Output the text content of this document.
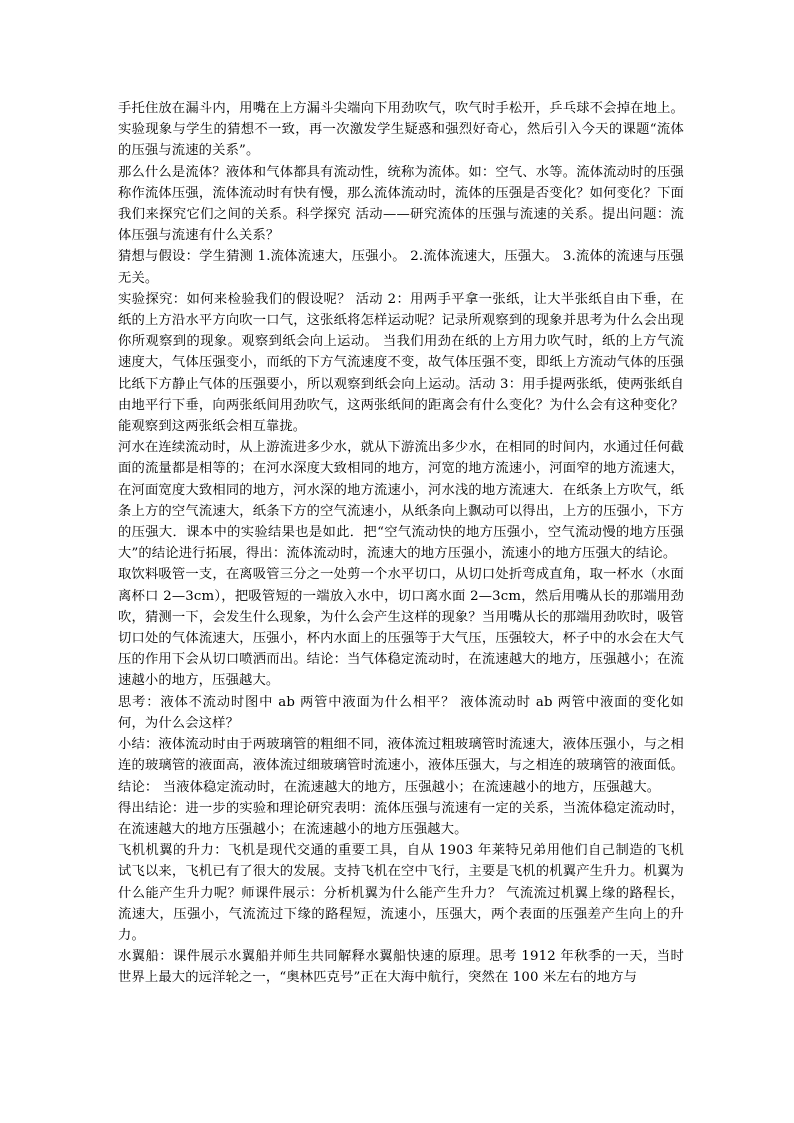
手托住放在漏斗内，用嘴在上方漏斗尖端向下用劲吹气，吹气时手松开，乒乓球不会掉在地上。实验现象与学生的猜想不一致，再一次激发学生疑惑和强烈好奇心，然后引入今天的课题“流体的压强与流速的关系”。

那么什么是流体？液体和气体都具有流动性，统称为流体。如：空气、水等。流体流动时的压强称作流体压强，流体流动时有快有慢，那么流体流动时，流体的压强是否变化？如何变化？下面我们来探究它们之间的关系。科学探究 活动——研究流体的压强与流速的关系。提出问题：流体压强与流速有什么关系？

猜想与假设：学生猜测 1.流体流速大，压强小。 2.流体流速大，压强大。 3.流体的流速与压强无关。

实验探究：如何来检验我们的假设呢？ 活动 2：用两手平拿一张纸，让大半张纸自由下垂，在纸的上方沿水平方向吹一口气，这张纸将怎样运动呢？记录所观察到的现象并思考为什么会出现你所观察到的现象。观察到纸会向上运动。 当我们用劲在纸的上方用力吹气时，纸的上方气流速度大，气体压强变小，而纸的下方气流速度不变，故气体压强不变，即纸上方流动气体的压强比纸下方静止气体的压强要小，所以观察到纸会向上运动。活动 3：用手提两张纸，使两张纸自由地平行下垂，向两张纸间用劲吹气，这两张纸间的距离会有什么变化？为什么会有这种变化？能观察到这两张纸会相互靠拢。

河水在连续流动时，从上游流进多少水，就从下游流出多少水，在相同的时间内，水通过任何截面的流量都是相等的；在河水深度大致相同的地方，河宽的地方流速小，河面窄的地方流速大，在河面宽度大致相同的地方，河水深的地方流速小，河水浅的地方流速大．在纸条上方吹气，纸条上方的空气流速大，纸条下方的空气流速小，从纸条向上飘动可以得出，上方的压强小，下方的压强大．课本中的实验结果也是如此．把“空气流动快的地方压强小，空气流动慢的地方压强大”的结论进行拓展，得出：流体流动时，流速大的地方压强小，流速小的地方压强大的结论。

取饮料吸管一支，在离吸管三分之一处剪一个水平切口，从切口处折弯成直角，取一杯水（水面离杯口 2—3cm），把吸管短的一端放入水中，切口离水面 2—3cm，然后用嘴从长的那端用劲吹，猜测一下，会发生什么现象，为什么会产生这样的现象？当用嘴从长的那端用劲吹时，吸管切口处的气体流速大，压强小，杯内水面上的压强等于大气压，压强较大，杯子中的水会在大气压的作用下会从切口喷洒而出。结论：当气体稳定流动时，在流速越大的地方，压强越小；在流速越小的地方，压强越大。

思考：液体不流动时图中 ab 两管中液面为什么相平？ 液体流动时 ab 两管中液面的变化如何，为什么会这样？

小结：液体流动时由于两玻璃管的粗细不同，液体流过粗玻璃管时流速大，液体压强小，与之相连的玻璃管的液面高，液体流过细玻璃管时流速小，液体压强大，与之相连的玻璃管的液面低。结论： 当液体稳定流动时，在流速越大的地方，压强越小；在流速越小的地方，压强越大。

得出结论：进一步的实验和理论研究表明：流体压强与流速有一定的关系，当流体稳定流动时，在流速越大的地方压强越小；在流速越小的地方压强越大。

飞机机翼的升力：飞机是现代交通的重要工具，自从 1903 年莱特兄弟用他们自己制造的飞机试飞以来，飞机已有了很大的发展。支持飞机在空中飞行，主要是飞机的机翼产生升力。机翼为什么能产生升力呢？师课件展示：分析机翼为什么能产生升力？ 气流流过机翼上缘的路程长，流速大，压强小，气流流过下缘的路程短，流速小，压强大，两个表面的压强差产生向上的升力。

水翼船：课件展示水翼船并师生共同解释水翼船快速的原理。思考 1912 年秋季的一天，当时世界上最大的远洋轮之一，“奥林匹克号”正在大海中航行，突然在 100 米左右的地方与
